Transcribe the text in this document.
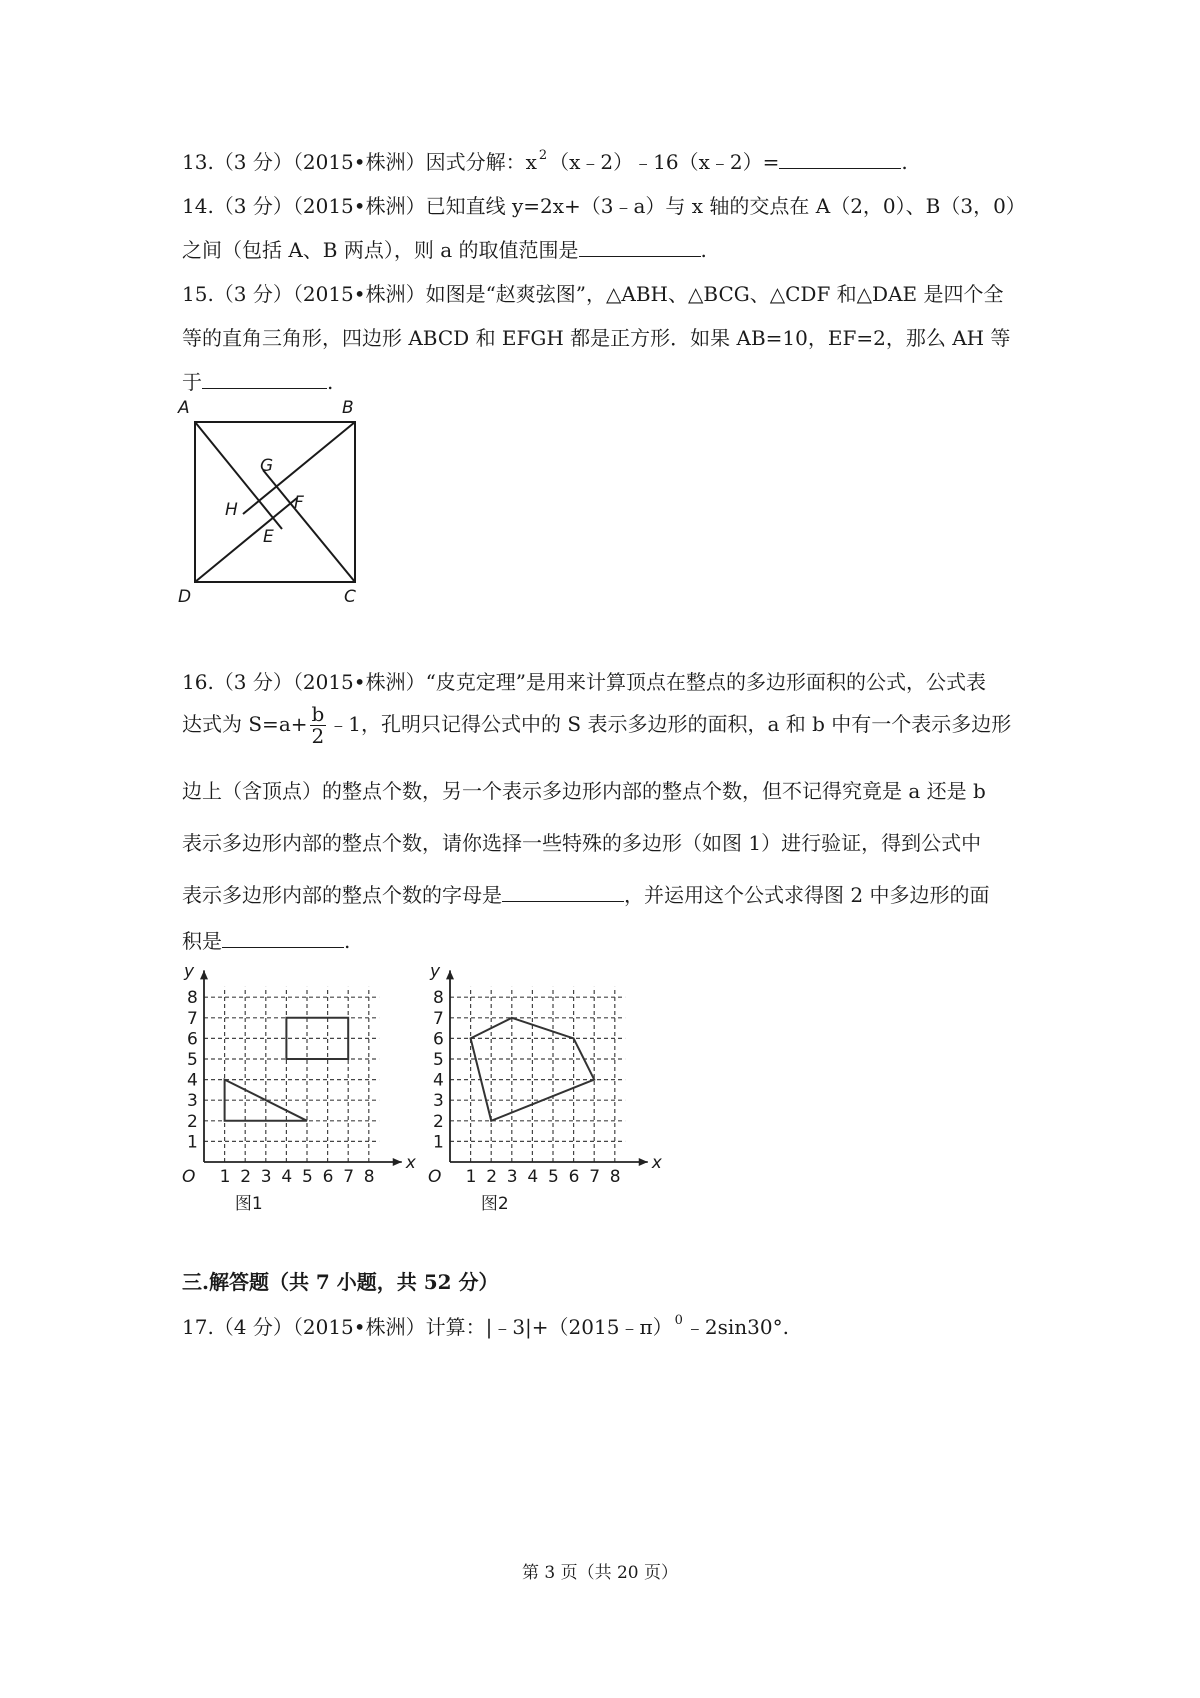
13.（3 分）（2015•株洲）因式分解：x $^2$ （x﹣2）﹣16（x﹣2）=	.
14.（3 分）（2015•株洲）已知直线 y=2x+（3﹣a）与 x 轴的交点在 A（2，0）、B（3，0）
之间（包括 A、B 两点），则 a 的取值范围是	.
15.（3 分）（2015•株洲）如图是“赵爽弦图”，△ABH、△BCG、△CDF 和△DAE 是四个全
等的直角三角形，四边形 ABCD 和 EFGH 都是正方形．如果 AB=10，EF=2，那么 AH 等
于	.
A	B
C
D
E
F
G
H
16.（3 分）（2015•株洲）“皮克定理”是用来计算顶点在整点的多边形面积的公式，公式表
达式为 $S=a+ \frac{b}{2}$ ﹣1，孔明只记得公式中的 S 表示多边形的面积，a 和 b 中有一个表示多边形
边上（含顶点）的整点个数，另一个表示多边形内部的整点个数，但不记得究竟是 a 还是 b
表示多边形内部的整点个数，请你选择一些特殊的多边形（如图 1）进行验证，得到公式中
表示多边形内部的整点个数的字母是	，并运用这个公式求得图 2 中多边形的面
积是	.
x
y
O 1
1
2
2
3
3
4
4
5
5
6
6
7
7
8
8
图1
x
y
O 1
1
2
2
3
3
4
4
5
5
6
6
7
7
8
8
图2
三.解答题（共 7 小题，共 52 分）
17.（4 分）（2015•株洲）计算：|﹣3|+（2015﹣π） $^0$ ﹣2sin30°.
第 3 页（共 20 页）
